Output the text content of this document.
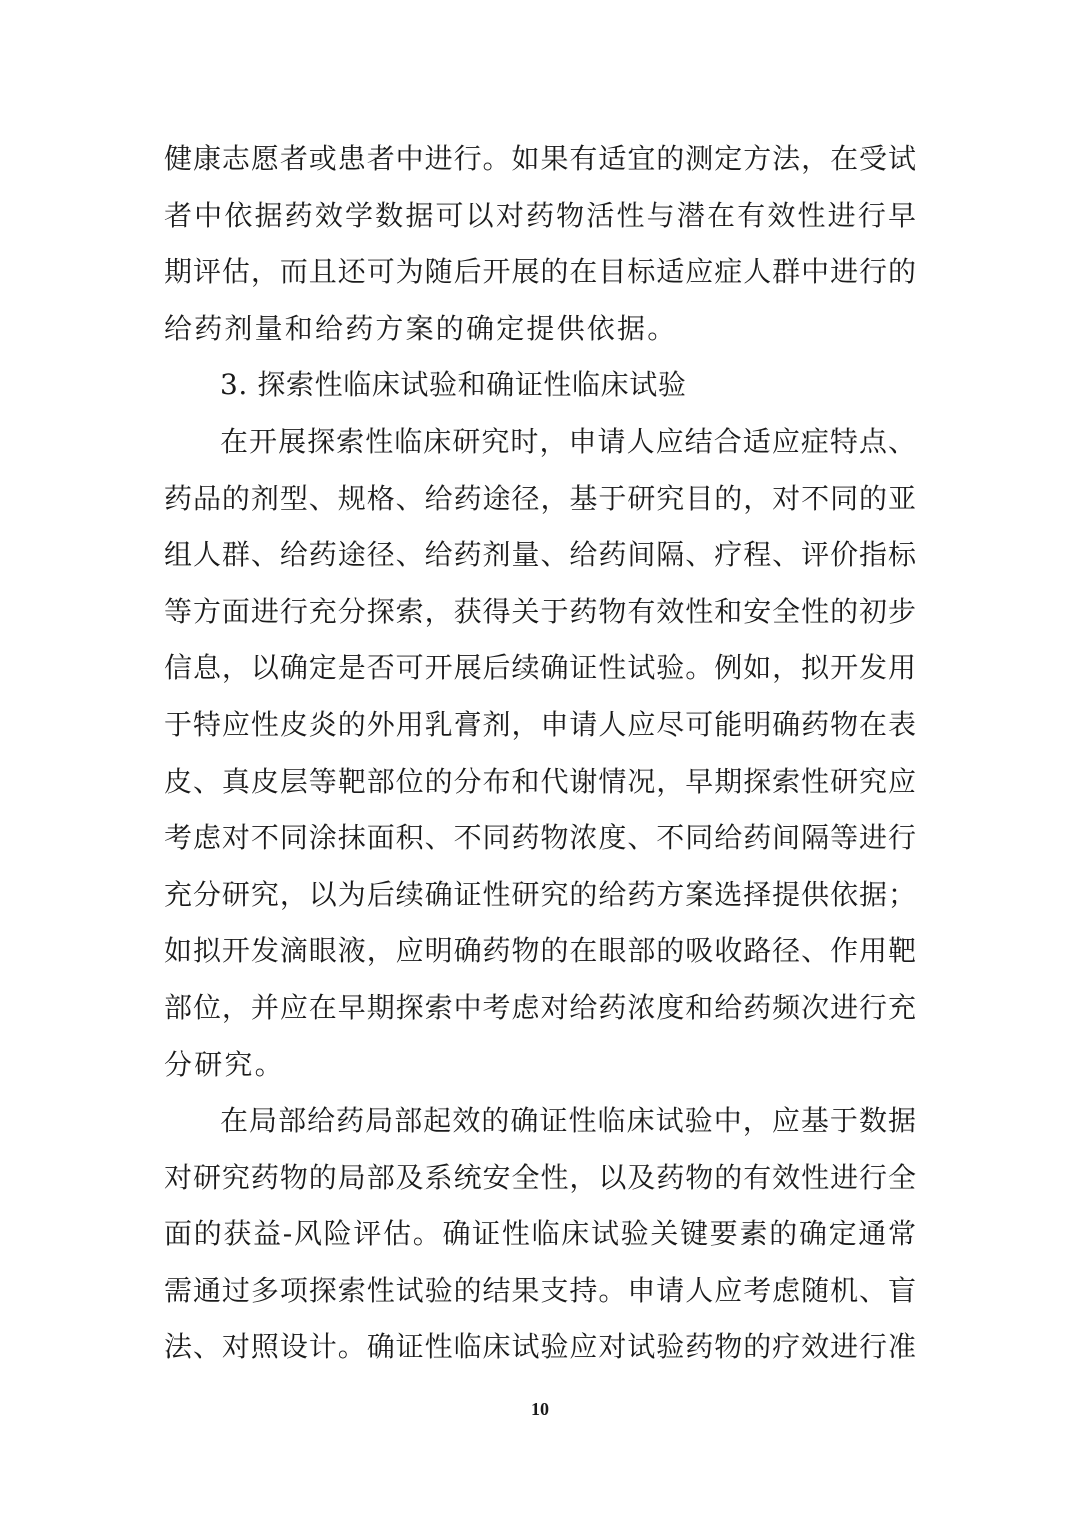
健康志愿者或患者中进行。如果有适宜的测定方法，在受试
者中依据药效学数据可以对药物活性与潜在有效性进行早
期评估，而且还可为随后开展的在目标适应症人群中进行的
给药剂量和给药方案的确定提供依据。
3. 探索性临床试验和确证性临床试验
在开展探索性临床研究时，申请人应结合适应症特点、
药品的剂型、规格、给药途径，基于研究目的，对不同的亚
组人群、给药途径、给药剂量、给药间隔、疗程、评价指标
等方面进行充分探索，获得关于药物有效性和安全性的初步
信息，以确定是否可开展后续确证性试验。例如，拟开发用
于特应性皮炎的外用乳膏剂，申请人应尽可能明确药物在表
皮、真皮层等靶部位的分布和代谢情况，早期探索性研究应
考虑对不同涂抹面积、不同药物浓度、不同给药间隔等进行
充分研究，以为后续确证性研究的给药方案选择提供依据；
如拟开发滴眼液，应明确药物的在眼部的吸收路径、作用靶
部位，并应在早期探索中考虑对给药浓度和给药频次进行充
分研究。
在局部给药局部起效的确证性临床试验中，应基于数据
对研究药物的局部及系统安全性，以及药物的有效性进行全
面的获益-风险评估。确证性临床试验关键要素的确定通常
需通过多项探索性试验的结果支持。申请人应考虑随机、盲
法、对照设计。确证性临床试验应对试验药物的疗效进行准
10
